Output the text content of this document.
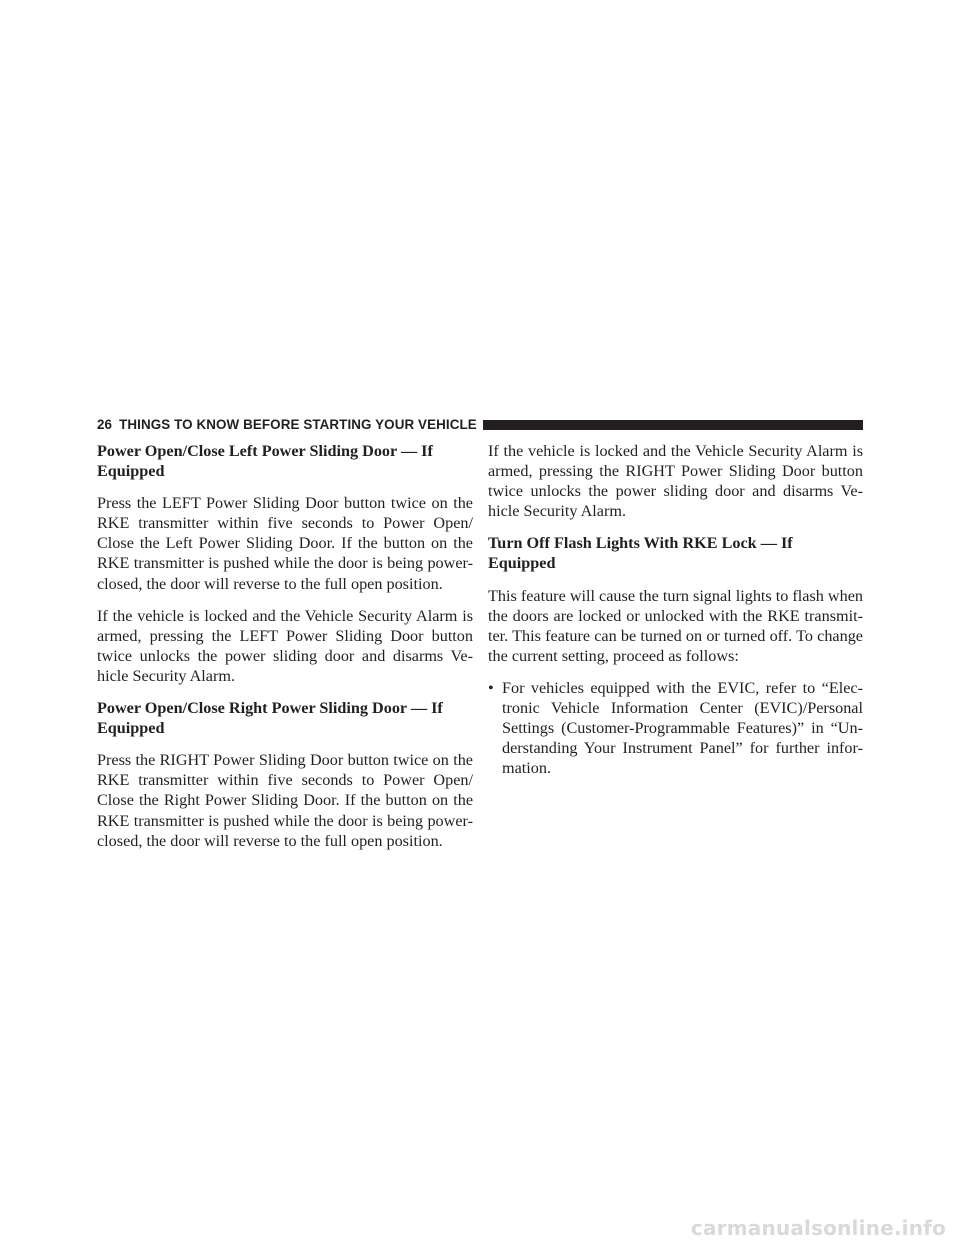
26 THINGS TO KNOW BEFORE STARTING YOUR VEHICLE
Power Open/Close Left Power Sliding Door — If Equipped

Press the LEFT Power Sliding Door button twice on the RKE transmitter within five seconds to Power Open/ Close the Left Power Sliding Door. If the button on the RKE transmitter is pushed while the door is being power-closed, the door will reverse to the full open position.

If the vehicle is locked and the Vehicle Security Alarm is armed, pressing the LEFT Power Sliding Door button twice unlocks the power sliding door and disarms Ve-hicle Security Alarm.

Power Open/Close Right Power Sliding Door — If Equipped

Press the RIGHT Power Sliding Door button twice on the RKE transmitter within five seconds to Power Open/ Close the Right Power Sliding Door. If the button on the RKE transmitter is pushed while the door is being power-closed, the door will reverse to the full open position.

If the vehicle is locked and the Vehicle Security Alarm is armed, pressing the RIGHT Power Sliding Door button twice unlocks the power sliding door and disarms Ve-hicle Security Alarm.

Turn Off Flash Lights With RKE Lock — If Equipped

This feature will cause the turn signal lights to flash when the doors are locked or unlocked with the RKE transmit-ter. This feature can be turned on or turned off. To change the current setting, proceed as follows:

• For vehicles equipped with the EVIC, refer to “Elec-tronic Vehicle Information Center (EVIC)/Personal Settings (Customer-Programmable Features)” in “Un-derstanding Your Instrument Panel” for further infor-mation.
carmanualsonline.info
